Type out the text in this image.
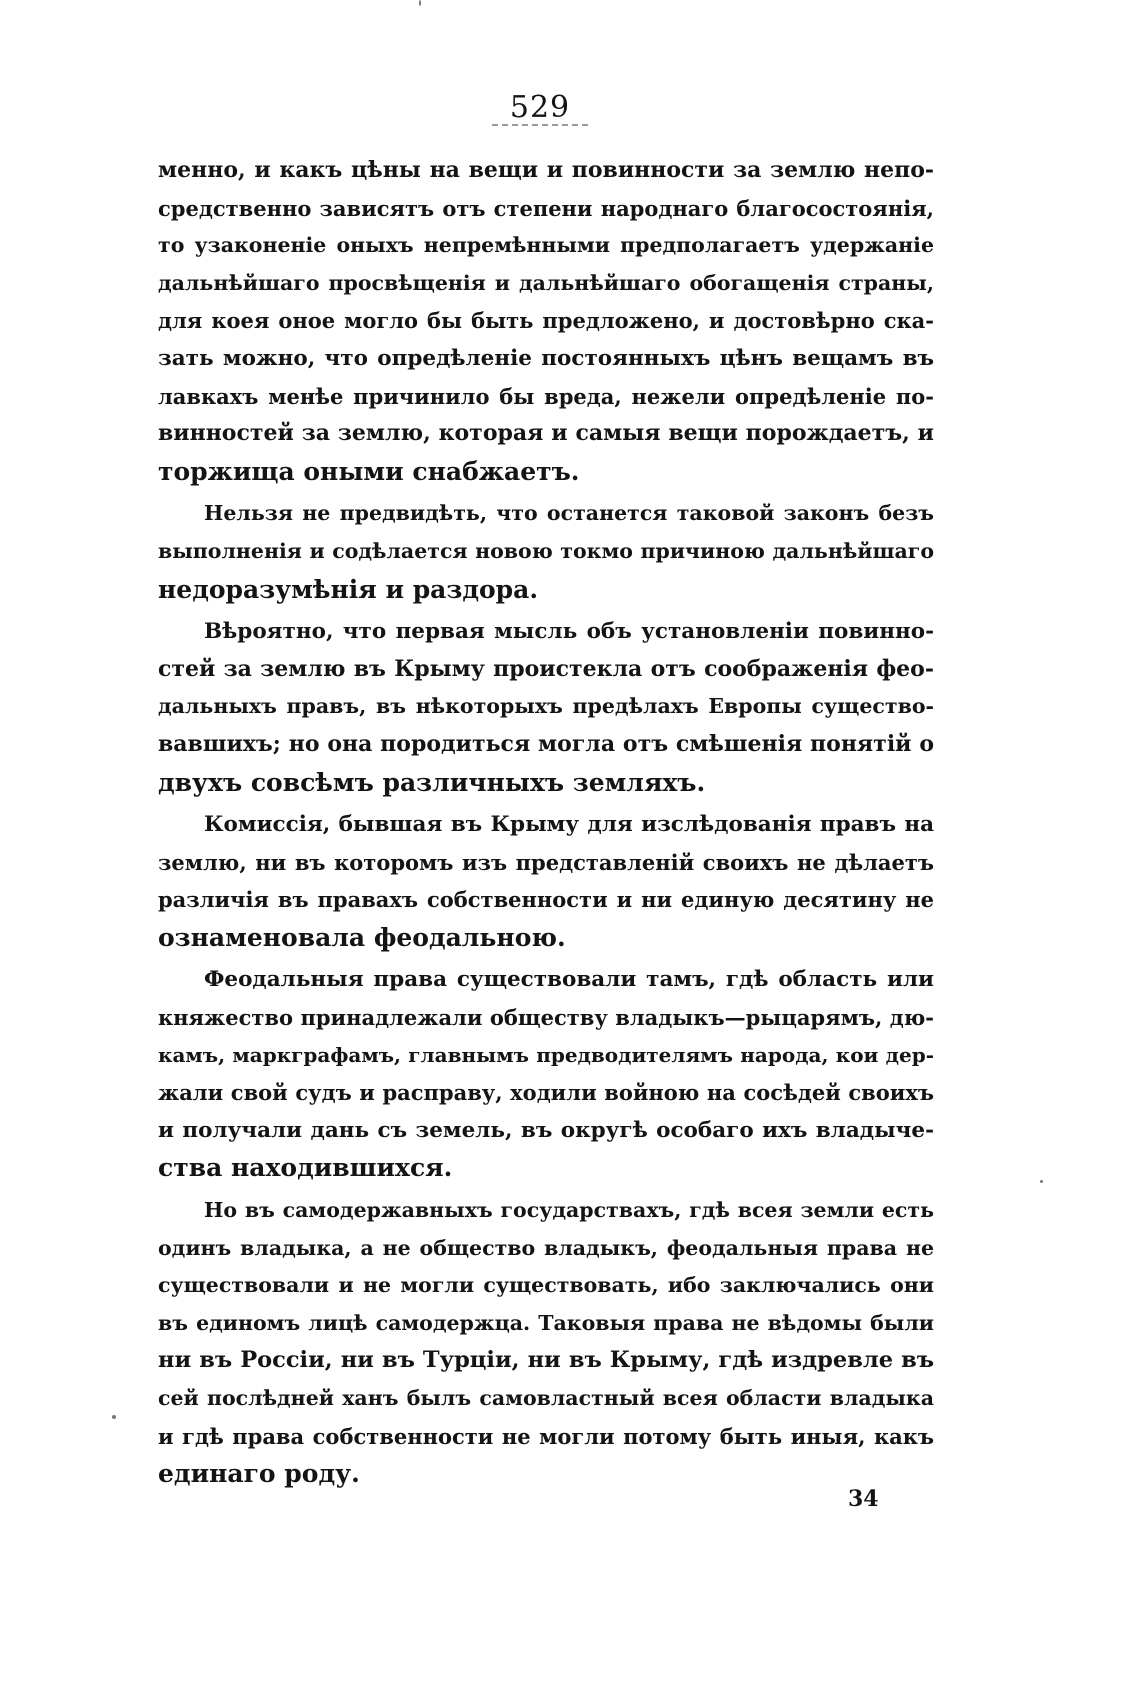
529
менно, и какъ цѣны на вещи и повинности за землю непо-
средственно зависятъ отъ степени народнаго благосостоянія,
то узаконеніе оныхъ непремѣнными предполагаетъ удержаніе
дальнѣйшаго просвѣщенія и дальнѣйшаго обогащенія страны,
для коея оное могло бы быть предложено, и достовѣрно ска-
зать можно, что опредѣленіе постоянныхъ цѣнъ вещамъ въ
лавкахъ менѣе причинило бы вреда, нежели опредѣленіе по-
винностей за землю, которая и самыя вещи порождаетъ, и
торжища оными снабжаетъ.
Нельзя не предвидѣть, что останется таковой законъ безъ
выполненія и содѣлается новою токмо причиною дальнѣйшаго
недоразумѣнія и раздора.
Вѣроятно, что первая мысль объ установленіи повинно-
стей за землю въ Крыму проистекла отъ соображенія фео-
дальныхъ правъ, въ нѣкоторыхъ предѣлахъ Европы существо-
вавшихъ; но она породиться могла отъ смѣшенія понятій о
двухъ совсѣмъ различныхъ земляхъ.
Комиссія, бывшая въ Крыму для изслѣдованія правъ на
землю, ни въ которомъ изъ представленій своихъ не дѣлаетъ
различія въ правахъ собственности и ни единую десятину не
ознаменовала феодальною.
Феодальныя права существовали тамъ, гдѣ область или
княжество принадлежали обществу владыкъ—рыцарямъ, дю-
камъ, маркграфамъ, главнымъ предводителямъ народа, кои дер-
жали свой судъ и расправу, ходили войною на сосѣдей своихъ
и получали дань съ земель, въ округѣ особаго ихъ владыче-
ства находившихся.
Но въ самодержавныхъ государствахъ, гдѣ всея земли есть
одинъ владыка, а не общество владыкъ, феодальныя права не
существовали и не могли существовать, ибо заключались они
въ единомъ лицѣ самодержца. Таковыя права не вѣдомы были
ни въ Россіи, ни въ Турціи, ни въ Крыму, гдѣ издревле въ
сей послѣдней ханъ былъ самовластный всея области владыка
и гдѣ права собственности не могли потому быть иныя, какъ
единаго роду.
34
